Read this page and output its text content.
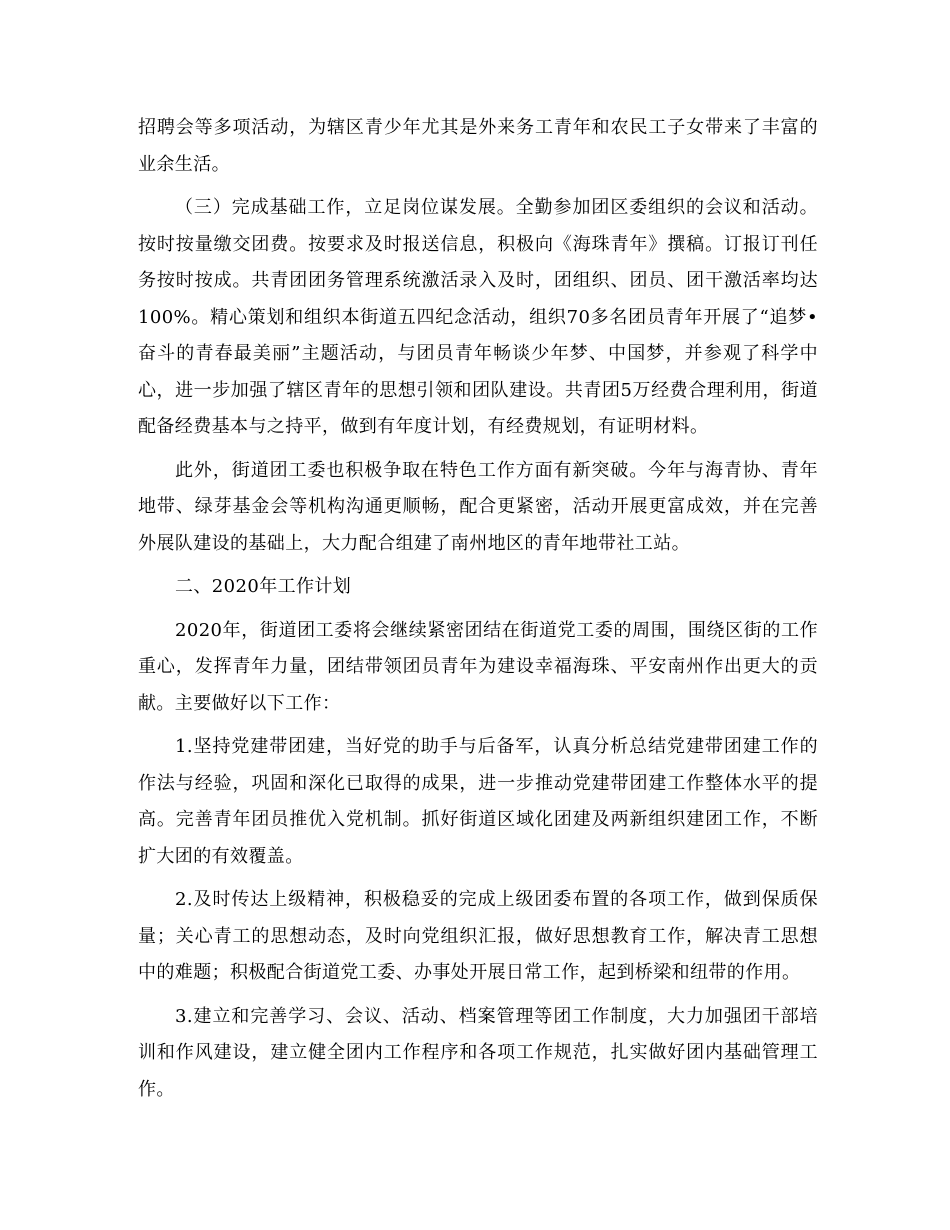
招聘会等多项活动，为辖区青少年尤其是外来务工青年和农民工子女带来了丰富的业余生活。

（三）完成基础工作，立足岗位谋发展。全勤参加团区委组织的会议和活动。按时按量缴交团费。按要求及时报送信息，积极向《海珠青年》撰稿。订报订刊任务按时按成。共青团团务管理系统激活录入及时，团组织、团员、团干激活率均达100%。精心策划和组织本街道五四纪念活动，组织70多名团员青年开展了“追梦•奋斗的青春最美丽”主题活动，与团员青年畅谈少年梦、中国梦，并参观了科学中心，进一步加强了辖区青年的思想引领和团队建设。共青团5万经费合理利用，街道配备经费基本与之持平，做到有年度计划，有经费规划，有证明材料。

此外，街道团工委也积极争取在特色工作方面有新突破。今年与海青协、青年地带、绿芽基金会等机构沟通更顺畅，配合更紧密，活动开展更富成效，并在完善外展队建设的基础上，大力配合组建了南州地区的青年地带社工站。

二、2020年工作计划

2020年，街道团工委将会继续紧密团结在街道党工委的周围，围绕区街的工作重心，发挥青年力量，团结带领团员青年为建设幸福海珠、平安南州作出更大的贡献。主要做好以下工作：

1.坚持党建带团建，当好党的助手与后备军，认真分析总结党建带团建工作的作法与经验，巩固和深化已取得的成果，进一步推动党建带团建工作整体水平的提高。完善青年团员推优入党机制。抓好街道区域化团建及两新组织建团工作，不断扩大团的有效覆盖。

2.及时传达上级精神，积极稳妥的完成上级团委布置的各项工作，做到保质保量；关心青工的思想动态，及时向党组织汇报，做好思想教育工作，解决青工思想中的难题；积极配合街道党工委、办事处开展日常工作，起到桥梁和纽带的作用。

3.建立和完善学习、会议、活动、档案管理等团工作制度，大力加强团干部培训和作风建设，建立健全团内工作程序和各项工作规范，扎实做好团内基础管理工作。
